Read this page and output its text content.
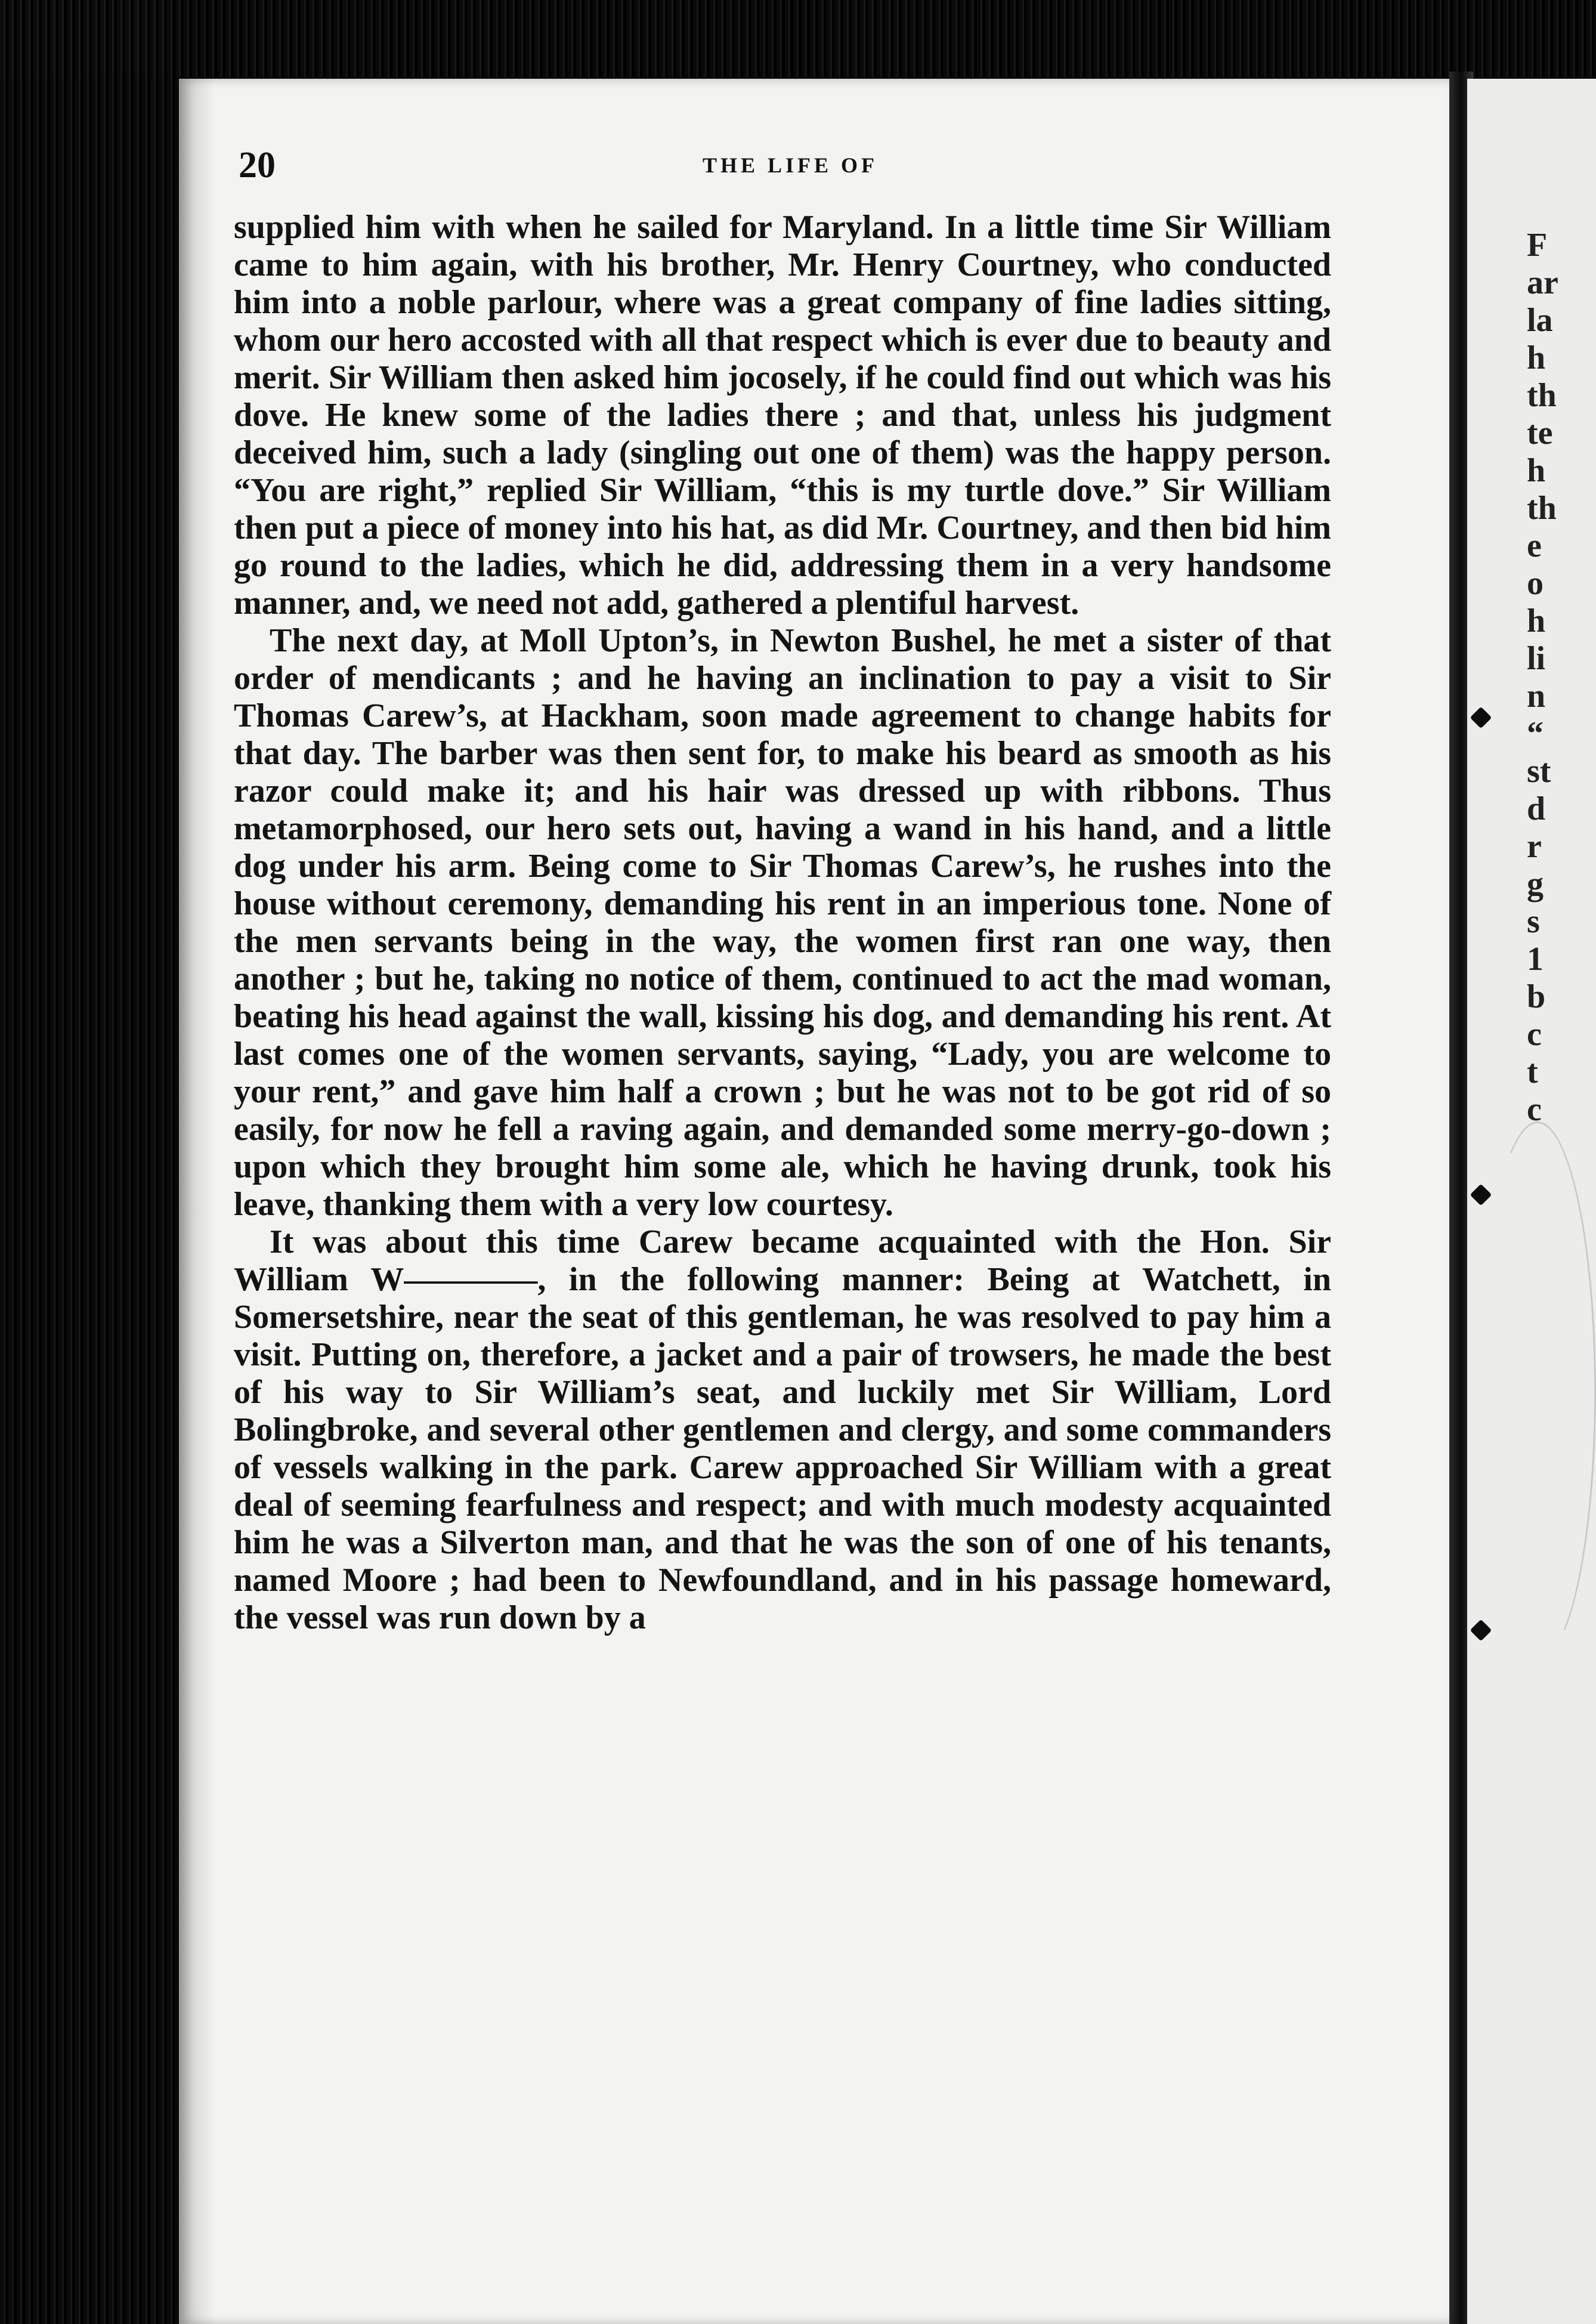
20	THE LIFE OF

supplied him with when he sailed for Maryland. In a little time Sir William came to him again, with his brother, Mr. Henry Courtney, who conducted him into a noble parlour, where was a great company of fine ladies sitting, whom our hero accosted with all that respect which is ever due to beauty and merit. Sir William then asked him jocosely, if he could find out which was his dove. He knew some of the ladies there ; and that, unless his judgment deceived him, such a lady (singling out one of them) was the happy person. “You are right,” replied Sir William, “this is my turtle dove.” Sir William then put a piece of money into his hat, as did Mr. Courtney, and then bid him go round to the ladies, which he did, addressing them in a very handsome manner, and, we need not add, gathered a plentiful harvest.

The next day, at Moll Upton’s, in Newton Bushel, he met a sister of that order of mendicants ; and he having an inclination to pay a visit to Sir Thomas Carew’s, at Hackham, soon made agreement to change habits for that day. The barber was then sent for, to make his beard as smooth as his razor could make it; and his hair was dressed up with ribbons. Thus metamorphosed, our hero sets out, having a wand in his hand, and a little dog under his arm. Being come to Sir Thomas Carew’s, he rushes into the house without ceremony, demanding his rent in an imperious tone. None of the men servants being in the way, the women first ran one way, then another ; but he, taking no notice of them, continued to act the mad woman, beating his head against the wall, kissing his dog, and demanding his rent. At last comes one of the women servants, saying, “Lady, you are welcome to your rent,” and gave him half a crown ; but he was not to be got rid of so easily, for now he fell a raving again, and demanded some merry-go-down ; upon which they brought him some ale, which he having drunk, took his leave, thanking them with a very low courtesy.

It was about this time Carew became acquainted with the Hon. Sir William W————, in the following manner: Being at Watchett, in Somersetshire, near the seat of this gentleman, he was resolved to pay him a visit. Putting on, therefore, a jacket and a pair of trowsers, he made the best of his way to Sir William’s seat, and luckily met Sir William, Lord Bolingbroke, and several other gentlemen and clergy, and some commanders of vessels walking in the park. Carew approached Sir William with a great deal of seeming fearfulness and respect; and with much modesty acquainted him he was a Silverton man, and that he was the son of one of his tenants, named Moore ; had been to Newfoundland, and in his passage homeward, the vessel was run down by a

F
ar
la
h
th
te
h
th
e
o
h
li
n
“
st
d
r
g
s
1
b
c
t
c
